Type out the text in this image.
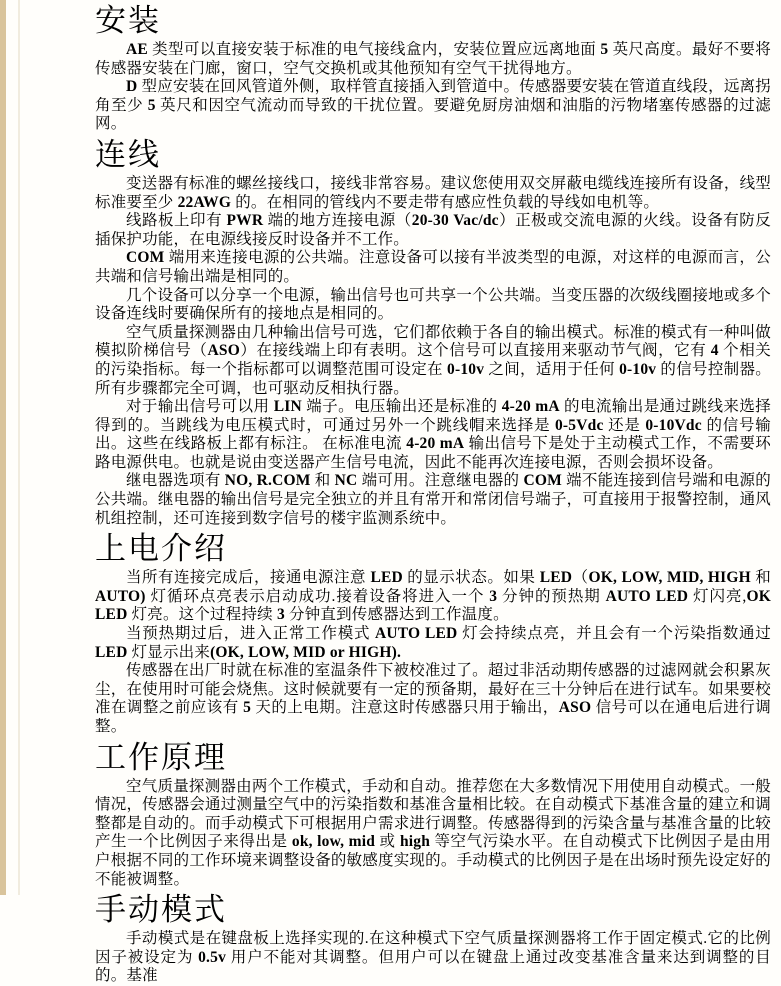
安装

AE 类型可以直接安装于标准的电气接线盒内，安装位置应远离地面 5 英尺高度。最好不要将传感器安装在门廊，窗口，空气交换机或其他预知有空气干扰得地方。

D 型应安装在回风管道外侧，取样管直接插入到管道中。传感器要安装在管道直线段，远离拐角至少 5 英尺和因空气流动而导致的干扰位置。要避免厨房油烟和油脂的污物堵塞传感器的过滤网。

连线

变送器有标准的螺丝接线口，接线非常容易。建议您使用双交屏蔽电缆线连接所有设备，线型标准要至少 22AWG 的。在相同的管线内不要走带有感应性负载的导线如电机等。

线路板上印有 PWR 端的地方连接电源（20-30 Vac/dc）正极或交流电源的火线。设备有防反插保护功能，在电源线接反时设备并不工作。

COM 端用来连接电源的公共端。注意设备可以接有半波类型的电源，对这样的电源而言，公共端和信号输出端是相同的。

几个设备可以分享一个电源，输出信号也可共享一个公共端。当变压器的次级线圈接地或多个设备连线时要确保所有的接地点是相同的。

空气质量探测器由几种输出信号可选，它们都依赖于各自的输出模式。标准的模式有一种叫做模拟阶梯信号（ASO）在接线端上印有表明。这个信号可以直接用来驱动节气阀，它有 4 个相关的污染指标。每一个指标都可以调整范围可设定在 0-10v 之间，适用于任何 0-10v 的信号控制器。所有步骤都完全可调，也可驱动反相执行器。

对于输出信号可以用 LIN 端子。电压输出还是标准的 4-20 mA 的电流输出是通过跳线来选择得到的。当跳线为电压模式时，可通过另外一个跳线帽来选择是 0-5Vdc 还是 0-10Vdc 的信号输出。这些在线路板上都有标注。 在标准电流 4-20 mA 输出信号下是处于主动模式工作，不需要环路电源供电。也就是说由变送器产生信号电流，因此不能再次连接电源，否则会损坏设备。

继电器选项有 NO, R.COM 和 NC 端可用。注意继电器的 COM 端不能连接到信号端和电源的公共端。继电器的输出信号是完全独立的并且有常开和常闭信号端子，可直接用于报警控制，通风机组控制，还可连接到数字信号的楼宇监测系统中。

上电介绍

当所有连接完成后，接通电源注意 LED 的显示状态。如果 LED（OK, LOW, MID, HIGH 和 AUTO) 灯循环点亮表示启动成功.接着设备将进入一个 3 分钟的预热期 AUTO LED 灯闪亮,OK LED 灯亮。这个过程持续 3 分钟直到传感器达到工作温度。

当预热期过后，进入正常工作模式 AUTO LED 灯会持续点亮，并且会有一个污染指数通过 LED 灯显示出来(OK, LOW, MID or HIGH).

传感器在出厂时就在标准的室温条件下被校准过了。超过非活动期传感器的过滤网就会积累灰尘，在使用时可能会烧焦。这时候就要有一定的预备期，最好在三十分钟后在进行试车。如果要校准在调整之前应该有 5 天的上电期。注意这时传感器只用于输出，ASO 信号可以在通电后进行调整。

工作原理

空气质量探测器由两个工作模式，手动和自动。推荐您在大多数情况下用使用自动模式。一般情况，传感器会通过测量空气中的污染指数和基准含量相比较。在自动模式下基准含量的建立和调整都是自动的。而手动模式下可根据用户需求进行调整。传感器得到的污染含量与基准含量的比较产生一个比例因子来得出是 ok, low, mid 或 high 等空气污染水平。在自动模式下比例因子是由用户根据不同的工作环境来调整设备的敏感度实现的。手动模式的比例因子是在出场时预先设定好的不能被调整。

手动模式

手动模式是在键盘板上选择实现的.在这种模式下空气质量探测器将工作于固定模式.它的比例因子被设定为 0.5v 用户不能对其调整。但用户可以在键盘上通过改变基准含量来达到调整的目的。基准
